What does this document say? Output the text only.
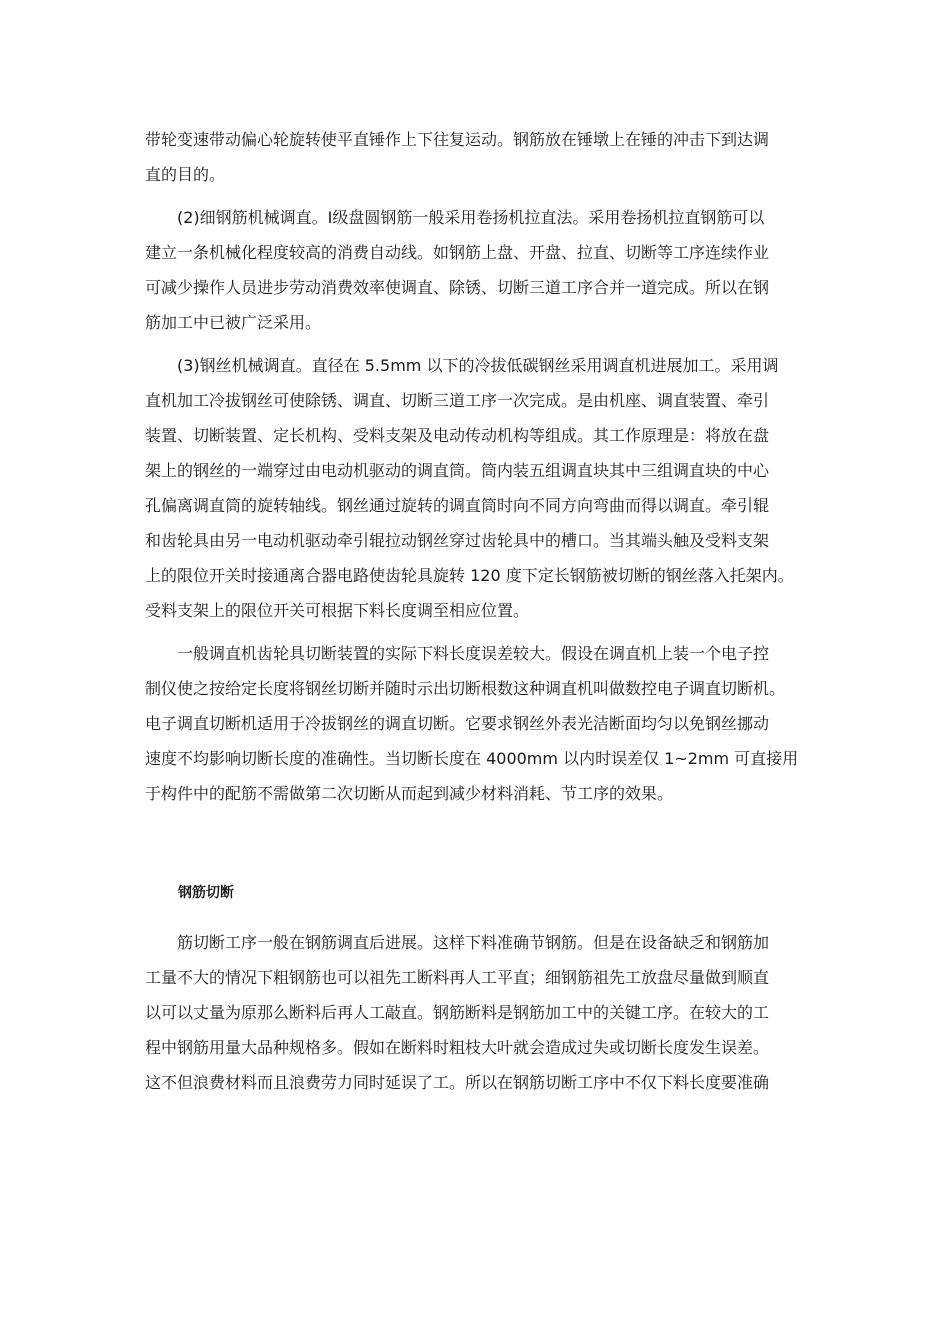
带轮变速带动偏心轮旋转使平直锤作上下往复运动。钢筋放在锤墩上在锤的冲击下到达调
直的目的。

(2)细钢筋机械调直。Ⅰ级盘圆钢筋一般采用卷扬机拉直法。采用卷扬机拉直钢筋可以
建立一条机械化程度较高的消费自动线。如钢筋上盘、开盘、拉直、切断等工序连续作业
可减少操作人员进步劳动消费效率使调直、除锈、切断三道工序合并一道完成。所以在钢
筋加工中已被广泛采用。

(3)钢丝机械调直。直径在 5.5mm 以下的冷拔低碳钢丝采用调直机进展加工。采用调
直机加工冷拔钢丝可使除锈、调直、切断三道工序一次完成。是由机座、调直装置、牵引
装置、切断装置、定长机构、受料支架及电动传动机构等组成。其工作原理是：将放在盘
架上的钢丝的一端穿过由电动机驱动的调直筒。筒内装五组调直块其中三组调直块的中心
孔偏离调直筒的旋转轴线。钢丝通过旋转的调直筒时向不同方向弯曲而得以调直。牵引辊
和齿轮具由另一电动机驱动牵引辊拉动钢丝穿过齿轮具中的槽口。当其端头触及受料支架
上的限位开关时接通离合器电路使齿轮具旋转 120 度下定长钢筋被切断的钢丝落入托架内。
受料支架上的限位开关可根据下料长度调至相应位置。

一般调直机齿轮具切断装置的实际下料长度误差较大。假设在调直机上装一个电子控
制仪使之按给定长度将钢丝切断并随时示出切断根数这种调直机叫做数控电子调直切断机。
电子调直切断机适用于冷拔钢丝的调直切断。它要求钢丝外表光洁断面均匀以免钢丝挪动
速度不均影响切断长度的准确性。当切断长度在 4000mm 以内时误差仅 1~2mm 可直接用
于构件中的配筋不需做第二次切断从而起到减少材料消耗、节工序的效果。

钢筋切断

筋切断工序一般在钢筋调直后进展。这样下料准确节钢筋。但是在设备缺乏和钢筋加
工量不大的情况下粗钢筋也可以祖先工断料再人工平直；细钢筋祖先工放盘尽量做到顺直
以可以丈量为原那么断料后再人工敲直。钢筋断料是钢筋加工中的关键工序。在较大的工
程中钢筋用量大品种规格多。假如在断料时粗枝大叶就会造成过失或切断长度发生误差。
这不但浪费材料而且浪费劳力同时延误了工。所以在钢筋切断工序中不仅下料长度要准确
